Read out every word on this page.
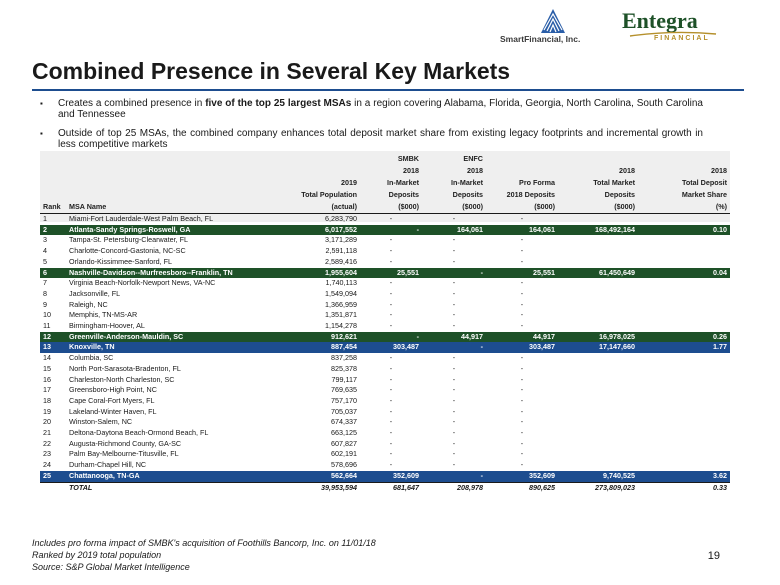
SmartFinancial, Inc.
Entegra
FINANCIAL
Combined Presence in Several Key Markets
▪ Creates a combined presence in five of the top 25 largest MSAs in a region covering Alabama, Florida, Georgia, North Carolina, South Carolina and Tennessee
▪ Outside of top 25 MSAs, the combined company enhances total deposit market share from existing legacy footprints and incremental growth in less competitive markets
			SMBK	ENFC			
			2018	2018		2018	2018
		2019	In-Market	In-Market	Pro Forma	Total Market	Total Deposit
		Total Population	Deposits	Deposits	2018 Deposits	Deposits	Market Share
Rank	MSA Name	(actual)	($000)	($000)	($000)	($000)	(%)
1	Miami-Fort Lauderdale-West Palm Beach, FL	6,283,790	-	-	-		
2	Atlanta-Sandy Springs-Roswell, GA	6,017,552	-	164,061	164,061	168,492,164	0.10
3	Tampa-St. Petersburg-Clearwater, FL	3,171,289	-	-	-		
4	Charlotte-Concord-Gastonia, NC-SC	2,591,118	-	-	-		
5	Orlando-Kissimmee-Sanford, FL	2,589,416	-	-	-		
6	Nashville-Davidson--Murfreesboro--Franklin, TN	1,955,604	25,551	-	25,551	61,450,649	0.04
7	Virginia Beach-Norfolk-Newport News, VA-NC	1,740,113	-	-	-		
8	Jacksonville, FL	1,549,094	-	-	-		
9	Raleigh, NC	1,366,959	-	-	-		
10	Memphis, TN-MS-AR	1,351,871	-	-	-		
11	Birmingham-Hoover, AL	1,154,278	-	-	-		
12	Greenville-Anderson-Mauldin, SC	912,621	-	44,917	44,917	16,978,025	0.26
13	Knoxville, TN	887,454	303,487	-	303,487	17,147,660	1.77
14	Columbia, SC	837,258	-	-	-		
15	North Port-Sarasota-Bradenton, FL	825,378	-	-	-		
16	Charleston-North Charleston, SC	799,117	-	-	-		
17	Greensboro-High Point, NC	769,635	-	-	-		
18	Cape Coral-Fort Myers, FL	757,170	-	-	-		
19	Lakeland-Winter Haven, FL	705,037	-	-	-		
20	Winston-Salem, NC	674,337	-	-	-		
21	Deltona-Daytona Beach-Ormond Beach, FL	663,125	-	-	-		
22	Augusta-Richmond County, GA-SC	607,827	-	-	-		
23	Palm Bay-Melbourne-Titusville, FL	602,191	-	-	-		
24	Durham-Chapel Hill, NC	578,696	-	-	-		
25	Chattanooga, TN-GA	562,664	352,609	-	352,609	9,740,525	3.62
	TOTAL	39,953,594	681,647	208,978	890,625	273,809,023	0.33
Includes pro forma impact of SMBK's acquisition of Foothills Bancorp, Inc. on 11/01/18
Ranked by 2019 total population
Source: S&P Global Market Intelligence
19
